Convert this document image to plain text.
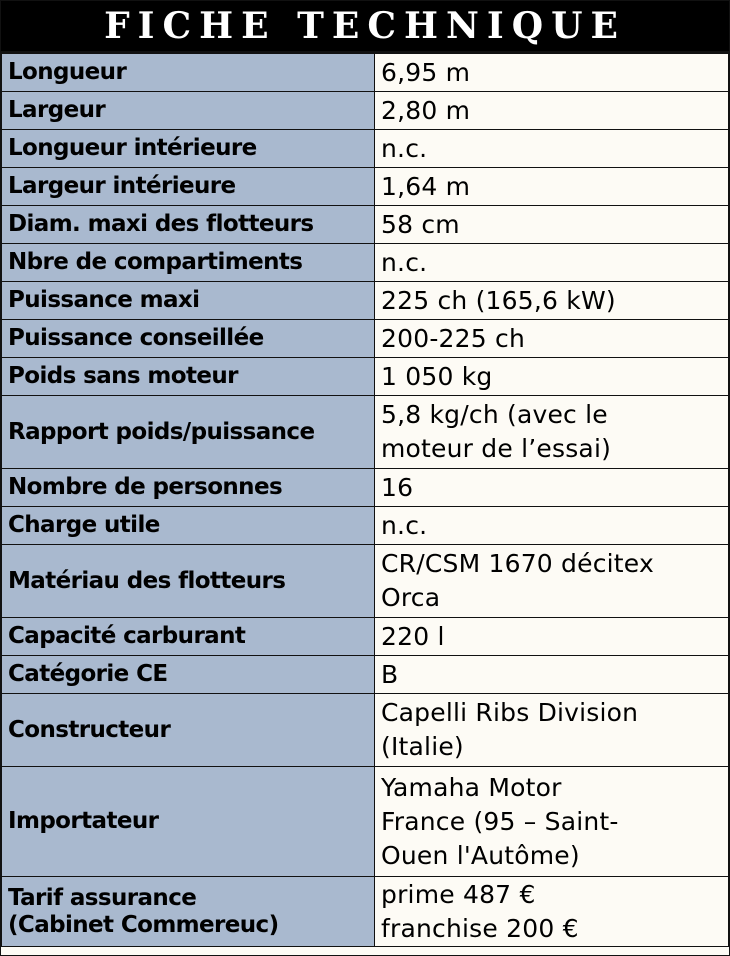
FICHE TECHNIQUE
Longueur	6,95 m
Largeur	2,80 m
Longueur intérieure	n.c.
Largeur intérieure	1,64 m
Diam. maxi des flotteurs	58 cm
Nbre de compartiments	n.c.
Puissance maxi	225 ch (165,6 kW)
Puissance conseillée	200-225 ch
Poids sans moteur	1 050 kg
Rapport poids/puissance	5,8 kg/ch (avec le
moteur de l’essai)
Nombre de personnes	16
Charge utile	n.c.
Matériau des flotteurs	CR/CSM 1670 décitex
Orca
Capacité carburant	220 l
Catégorie CE	B
Constructeur	Capelli Ribs Division
(Italie)
Importateur	Yamaha Motor
France (95 – Saint-
Ouen l'Autôme)
Tarif assurance
(Cabinet Commereuc)	prime 487 €
franchise 200 €
